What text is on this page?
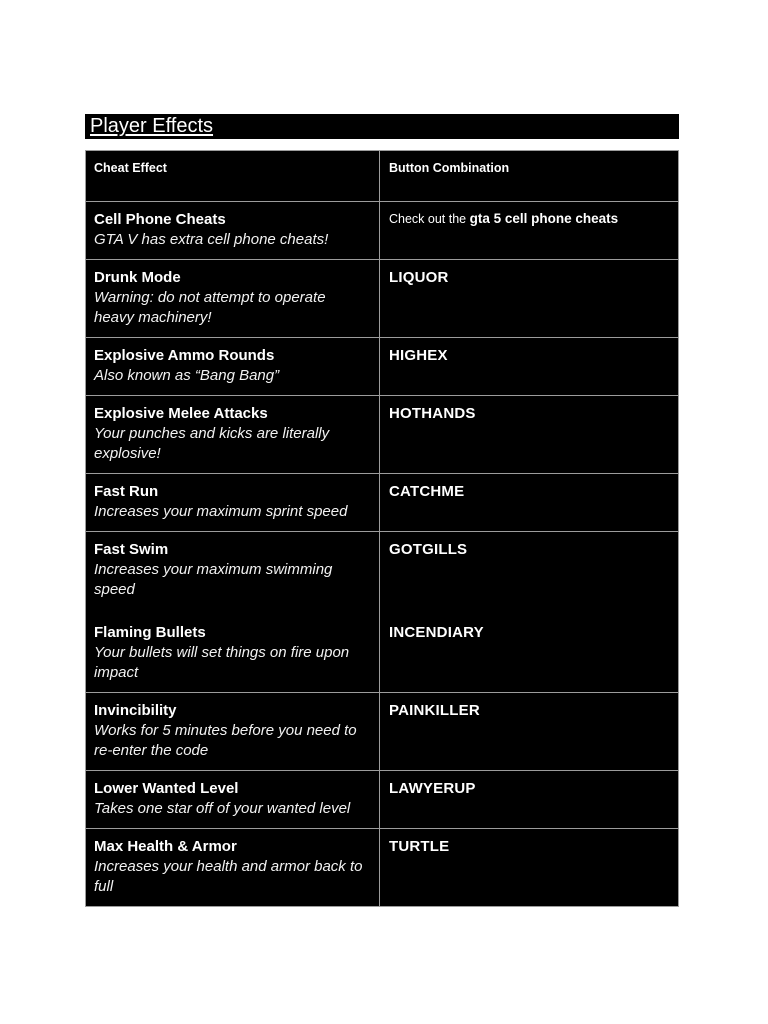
Player Effects
Cheat Effect	Button Combination
Cell Phone Cheats
GTA V has extra cell phone cheats!
Check out the gta 5 cell phone cheats
Drunk Mode
Warning: do not attempt to operate heavy machinery!
LIQUOR
Explosive Ammo Rounds
Also known as “Bang Bang”
HIGHEX
Explosive Melee Attacks
Your punches and kicks are literally explosive!
HOTHANDS
Fast Run
Increases your maximum sprint speed
CATCHME
Fast Swim
Increases your maximum swimming speed
GOTGILLS
Flaming Bullets
Your bullets will set things on fire upon impact
INCENDIARY
Invincibility
Works for 5 minutes before you need to re-enter the code
PAINKILLER
Lower Wanted Level
Takes one star off of your wanted level
LAWYERUP
Max Health & Armor
Increases your health and armor back to full
TURTLE
